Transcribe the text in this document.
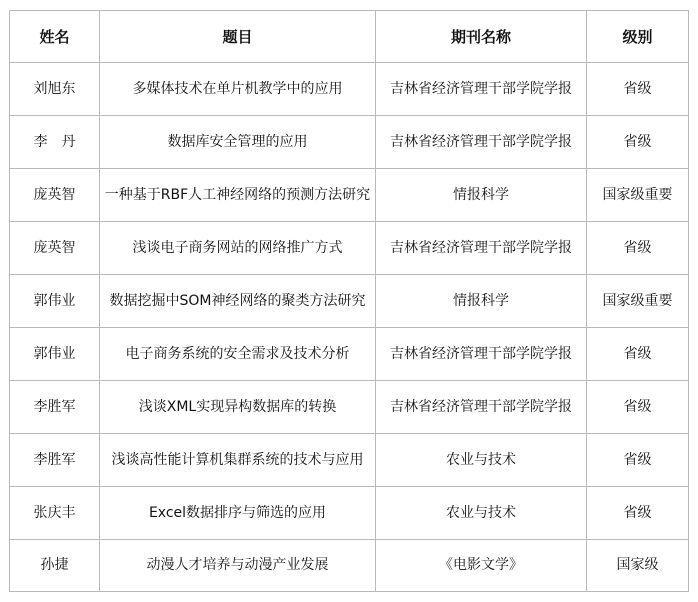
姓名	题目	期刊名称	级别
刘旭东	多媒体技术在单片机教学中的应用	吉林省经济管理干部学院学报	省级
李　丹	数据库安全管理的应用	吉林省经济管理干部学院学报	省级
庞英智	一种基于RBF人工神经网络的预测方法研究	情报科学	国家级重要
庞英智	浅谈电子商务网站的网络推广方式	吉林省经济管理干部学院学报	省级
郭伟业	数据挖掘中SOM神经网络的聚类方法研究	情报科学	国家级重要
郭伟业	电子商务系统的安全需求及技术分析	吉林省经济管理干部学院学报	省级
李胜军	浅谈XML实现异构数据库的转换	吉林省经济管理干部学院学报	省级
李胜军	浅谈高性能计算机集群系统的技术与应用	农业与技术	省级
张庆丰	Excel数据排序与筛选的应用	农业与技术	省级
孙捷	动漫人才培养与动漫产业发展	《电影文学》	国家级
